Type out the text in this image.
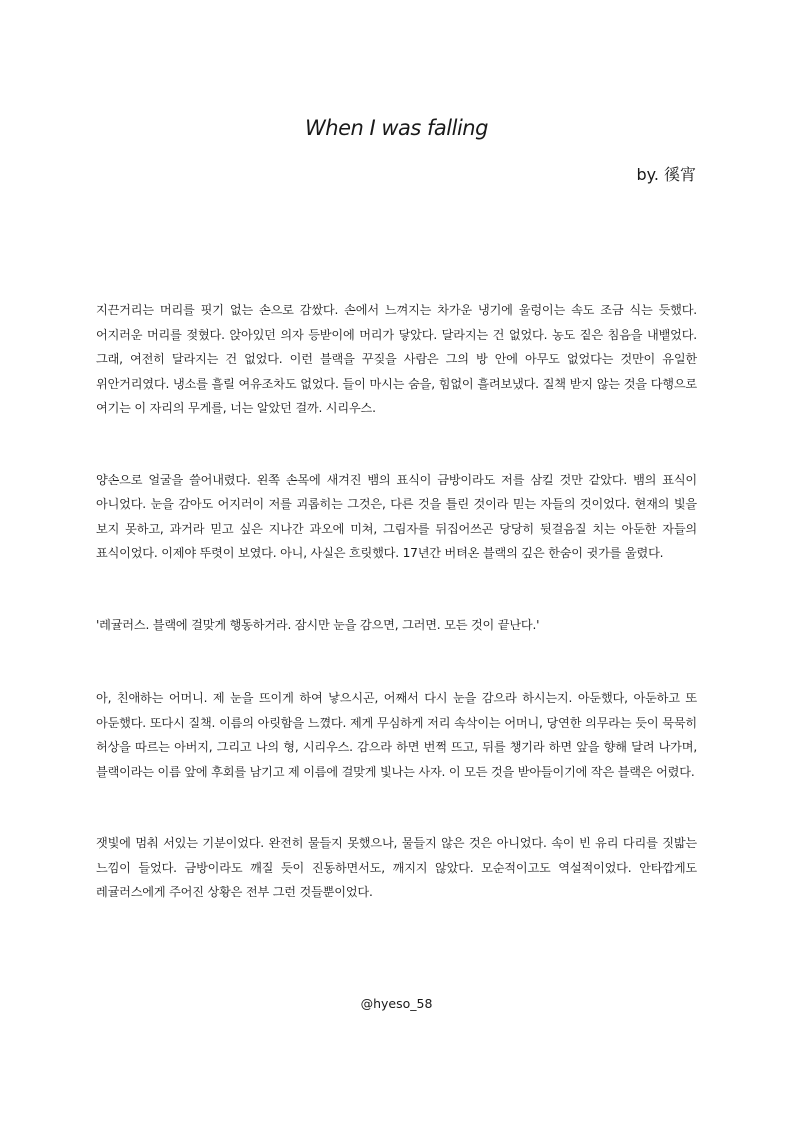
When I was falling
by. 徯宵

지끈거리는 머리를 핏기 없는 손으로 감쌌다. 손에서 느껴지는 차가운 냉기에 울렁이는 속도 조금 식는 듯했다. 어지러운 머리를 젖혔다. 앉아있던 의자 등받이에 머리가 닿았다. 달라지는 건 없었다. 농도 짙은 침음을 내뱉었다. 그래, 여전히 달라지는 건 없었다. 이런 블랙을 꾸짖을 사람은 그의 방 안에 아무도 없었다는 것만이 유일한 위안거리였다. 냉소를 흘릴 여유조차도 없었다. 들이 마시는 숨을, 힘없이 흘려보냈다. 질책 받지 않는 것을 다행으로 여기는 이 자리의 무게를, 너는 알았던 걸까. 시리우스.

양손으로 얼굴을 쓸어내렸다. 왼쪽 손목에 새겨진 뱀의 표식이 금방이라도 저를 삼킬 것만 같았다. 뱀의 표식이 아니었다. 눈을 감아도 어지러이 저를 괴롭히는 그것은, 다른 것을 틀린 것이라 믿는 자들의 것이었다. 현재의 빛을 보지 못하고, 과거라 믿고 싶은 지나간 과오에 미쳐, 그림자를 뒤집어쓰곤 당당히 뒷걸음질 치는 아둔한 자들의 표식이었다. 이제야 뚜렷이 보였다. 아니, 사실은 흐릿했다. 17년간 버텨온 블랙의 깊은 한숨이 귓가를 울렸다.

'레귤러스. 블랙에 걸맞게 행동하거라. 잠시만 눈을 감으면, 그러면. 모든 것이 끝난다.'

아, 친애하는 어머니. 제 눈을 뜨이게 하여 낳으시곤, 어째서 다시 눈을 감으라 하시는지. 아둔했다, 아둔하고 또 아둔했다. 또다시 질책. 이름의 아릿함을 느꼈다. 제게 무심하게 저리 속삭이는 어머니, 당연한 의무라는 듯이 묵묵히 허상을 따르는 아버지, 그리고 나의 형, 시리우스. 감으라 하면 번쩍 뜨고, 뒤를 챙기라 하면 앞을 향해 달려 나가며, 블랙이라는 이름 앞에 후회를 남기고 제 이름에 걸맞게 빛나는 사자. 이 모든 것을 받아들이기에 작은 블랙은 어렸다.

잿빛에 멈춰 서있는 기분이었다. 완전히 물들지 못했으나, 물들지 않은 것은 아니었다. 속이 빈 유리 다리를 짓밟는 느낌이 들었다. 금방이라도 깨질 듯이 진동하면서도, 깨지지 않았다. 모순적이고도 역설적이었다. 안타깝게도 레귤러스에게 주어진 상황은 전부 그런 것들뿐이었다.

@hyeso_58
